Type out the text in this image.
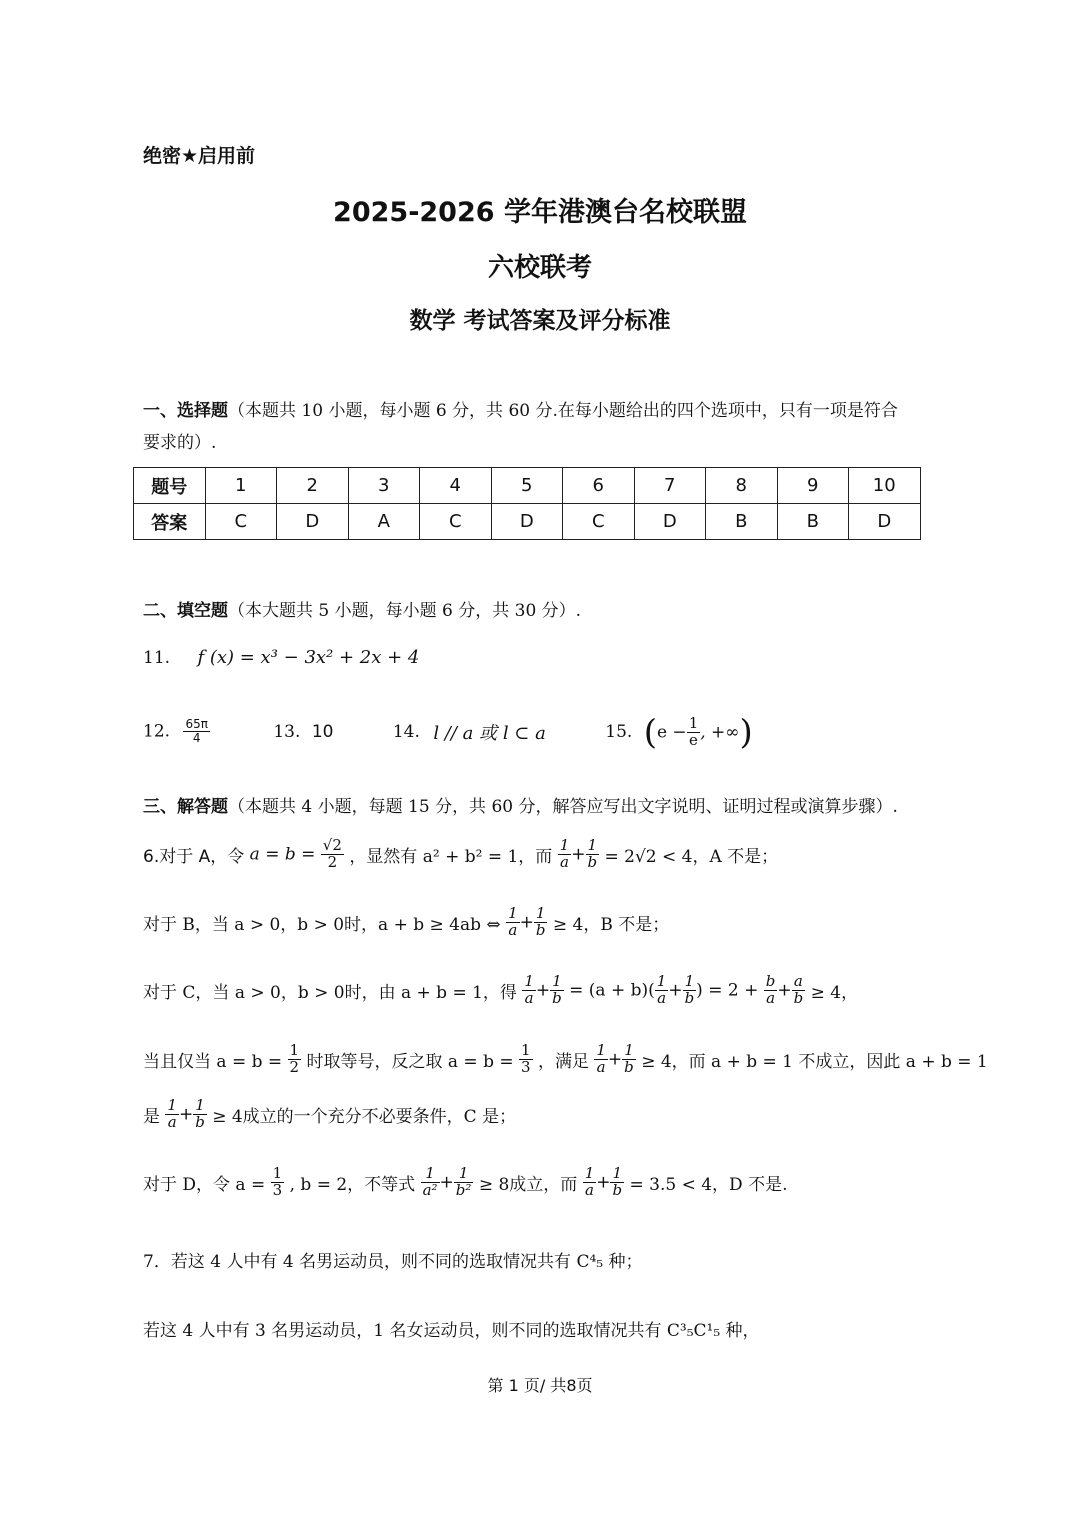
绝密★启用前
2025-2026 学年港澳台名校联盟
六校联考
数学 考试答案及评分标准
一、选择题（本题共 10 小题，每小题 6 分，共 60 分.在每小题给出的四个选项中，只有一项是符合
要求的）.
题号	1	2	3	4	5	6	7	8	9	10
答案	C	D	A	C	D	C	D	B	B	D
二、填空题（本大题共 5 小题，每小题 6 分，共 30 分）.
11. f (x) = x³ − 3x² + 2x + 4
12. $\frac{65\pi}{4}$	13. 10	14. l // a 或 l ⊂ a	15. ($e - \frac{1}{e}$ , +∞)
三、解答题（本题共 4 小题，每题 15 分，共 60 分，解答应写出文字说明、证明过程或演算步骤）.
6.对于 A，令 $a = b = \frac{√2}{2}$ ，显然有 a² + b² = 1，而 $\frac{1}{a} + \frac{1}{b} = 2√2 < 4$，A 不是；
对于 B，当 a > 0，b > 0时，a + b ≥ 4ab ⇔ $\frac{1}{a} + \frac{1}{b} \ge 4$，B 不是；
对于 C，当 a > 0，b > 0时，由 a + b = 1，得 $\frac{1}{a} + \frac{1}{b} = (a + b)( \frac{1}{a} + \frac{1}{b}$ ) = $2 + \frac{b}{a} + \frac{a}{b} \ge 4$，
当且仅当 $a = b = \frac{1}{2}$ 时取等号，反之取 $a = b = \frac{1}{3}$ ，满足 $\frac{1}{a} + \frac{1}{b} \ge 4$，而 a + b = 1 不成立，因此 a + b = 1
是 $\frac{1}{a} + \frac{1}{b} \ge 4$成立的一个充分不必要条件，C 是；
对于 D，令 $a = \frac{1}{3}$ , b = 2，不等式 $\frac{1}{\text{a²}} + \frac{1}{\text{b²}} \ge 8$成立，而 $\frac{1}{a} + \frac{1}{b} = 3.5 < 4$，D 不是.
7．若这 4 人中有 4 名男运动员，则不同的选取情况共有 C⁴₅ 种；
若这 4 人中有 3 名男运动员，1 名女运动员，则不同的选取情况共有 C³₅C¹₅ 种，
第 1 页/ 共8页
